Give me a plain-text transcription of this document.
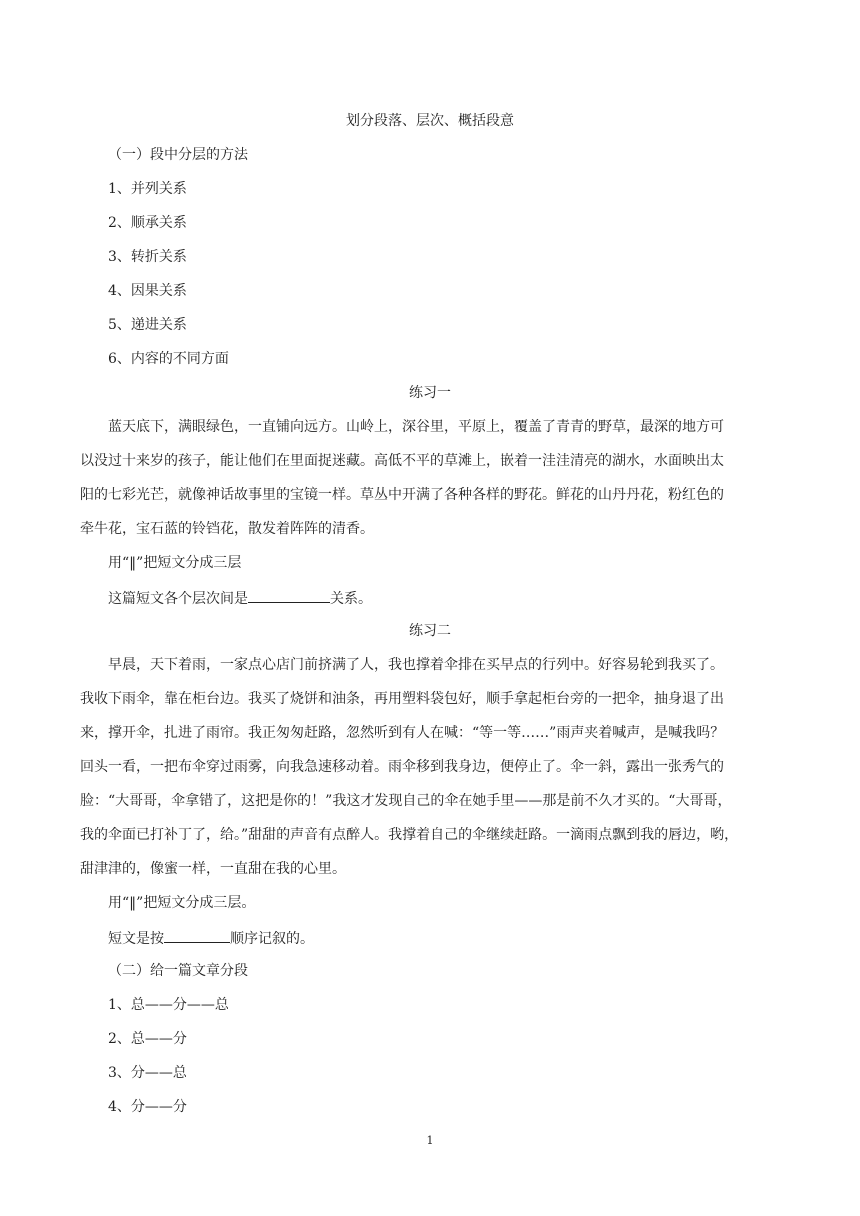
划分段落、层次、概括段意
（一）段中分层的方法
1、并列关系
2、顺承关系
3、转折关系
4、因果关系
5、递进关系
6、内容的不同方面
练习一
蓝天底下，满眼绿色，一直铺向远方。山岭上，深谷里，平原上，覆盖了青青的野草，最深的地方可
以没过十来岁的孩子，能让他们在里面捉迷藏。高低不平的草滩上，嵌着一洼洼清亮的湖水，水面映出太
阳的七彩光芒，就像神话故事里的宝镜一样。草丛中开满了各种各样的野花。鲜花的山丹丹花，粉红色的
牵牛花，宝石蓝的铃铛花，散发着阵阵的清香。
用“‖”把短文分成三层
这篇短文各个层次间是	关系。
练习二
早晨，天下着雨，一家点心店门前挤满了人，我也撑着伞排在买早点的行列中。好容易轮到我买了。
我收下雨伞，靠在柜台边。我买了烧饼和油条，再用塑料袋包好，顺手拿起柜台旁的一把伞，抽身退了出
来，撑开伞，扎进了雨帘。我正匆匆赶路，忽然听到有人在喊：“等一等……”雨声夹着喊声，是喊我吗？
回头一看，一把布伞穿过雨雾，向我急速移动着。雨伞移到我身边，便停止了。伞一斜，露出一张秀气的
脸：“大哥哥，伞拿错了，这把是你的！”我这才发现自己的伞在她手里——那是前不久才买的。“大哥哥，
我的伞面已打补丁了，给。”甜甜的声音有点醉人。我撑着自己的伞继续赶路。一滴雨点飘到我的唇边，哟，
甜津津的，像蜜一样，一直甜在我的心里。
用“‖”把短文分成三层。
短文是按	顺序记叙的。
（二）给一篇文章分段
1、总——分——总
2、总——分
3、分——总
4、分——分
1
